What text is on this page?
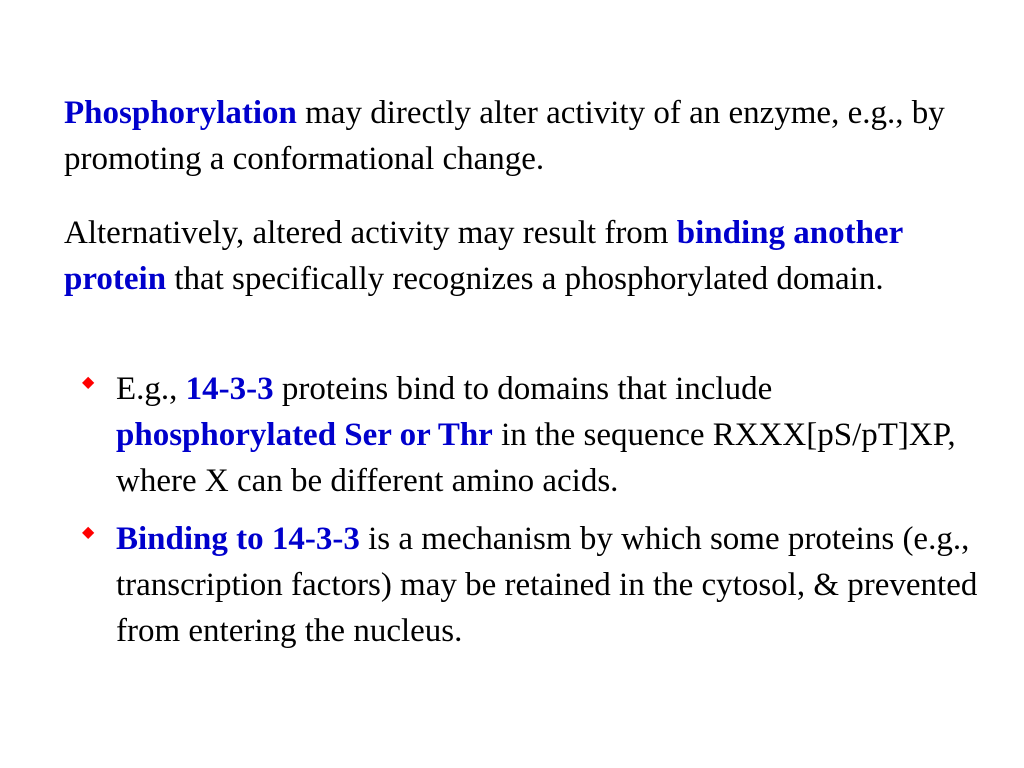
Phosphorylation may directly alter activity of an enzyme, e.g., by promoting a conformational change.

Alternatively, altered activity may result from binding another protein that specifically recognizes a phosphorylated domain.

◆ E.g., 14-3-3 proteins bind to domains that include phosphorylated Ser or Thr in the sequence RXXX[pS/pT]XP, where X can be different amino acids.
◆ Binding to 14-3-3 is a mechanism by which some proteins (e.g., transcription factors) may be retained in the cytosol, & prevented from entering the nucleus.
